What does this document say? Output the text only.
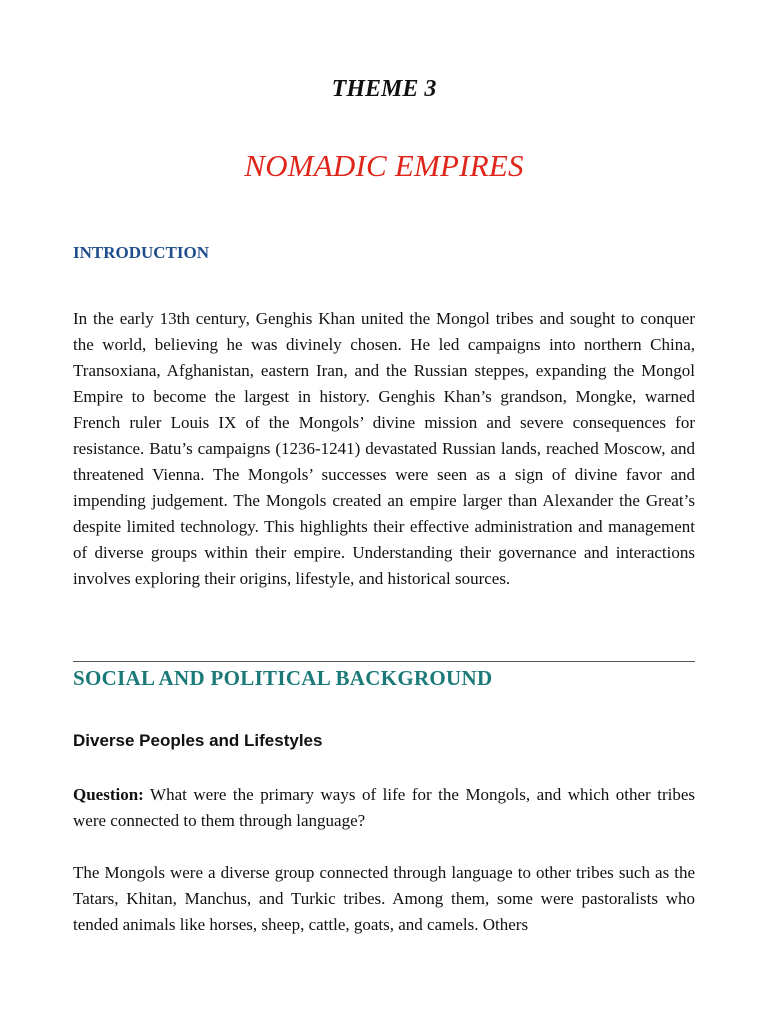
THEME 3
NOMADIC EMPIRES
INTRODUCTION
In the early 13th century, Genghis Khan united the Mongol tribes and sought to conquer the world, believing he was divinely chosen. He led campaigns into northern China, Transoxiana, Afghanistan, eastern Iran, and the Russian steppes, expanding the Mongol Empire to become the largest in history. Genghis Khan’s grandson, Mongke, warned French ruler Louis IX of the Mongols’ divine mission and severe consequences for resistance. Batu’s campaigns (1236-1241) devastated Russian lands, reached Moscow, and threatened Vienna. The Mongols’ successes were seen as a sign of divine favor and impending judgement. The Mongols created an empire larger than Alexander the Great’s despite limited technology. This highlights their effective administration and management of diverse groups within their empire. Understanding their governance and interactions involves exploring their origins, lifestyle, and historical sources.
SOCIAL AND POLITICAL BACKGROUND
Diverse Peoples and Lifestyles
Question: What were the primary ways of life for the Mongols, and which other tribes were connected to them through language?
The Mongols were a diverse group connected through language to other tribes such as the Tatars, Khitan, Manchus, and Turkic tribes. Among them, some were pastoralists who tended animals like horses, sheep, cattle, goats, and camels. Others
